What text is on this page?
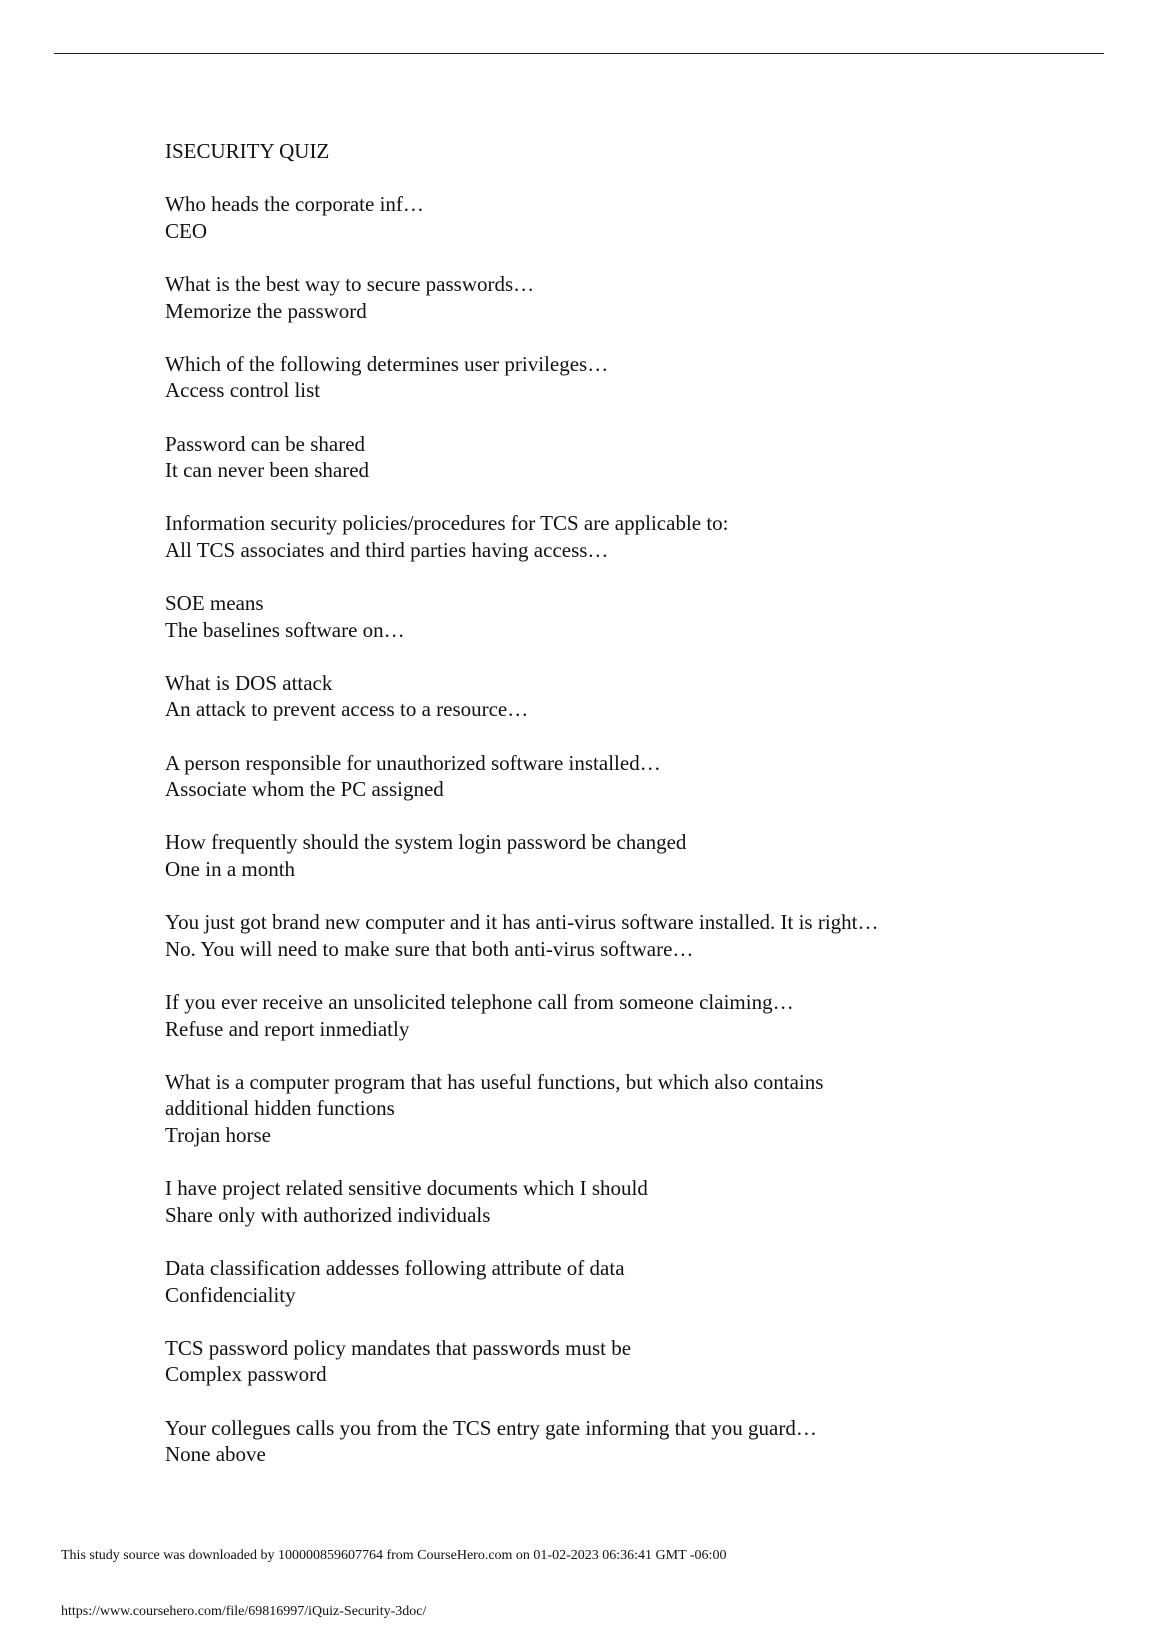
ISECURITY QUIZ
Who heads the corporate inf…
CEO
What is the best way to secure passwords…
Memorize the password
Which of the following determines user privileges…
Access control list
Password can be shared
It can never been shared
Information security policies/procedures for TCS are applicable to:
All TCS associates and third parties having access…
SOE means
The baselines software on…
What is DOS attack
An attack to prevent access to a resource…
A person responsible for unauthorized software installed…
Associate whom the PC assigned
How frequently should the system login password be changed
One in a month
You just got brand new computer and it has anti-virus software installed. It is right…
No. You will need to make sure that both anti-virus software…
If you ever receive an unsolicited telephone call from someone claiming…
Refuse and report inmediatly
What is a computer program that has useful functions, but which also contains
additional hidden functions
Trojan horse
I have project related sensitive documents which I should
Share only with authorized individuals
Data classification addesses following attribute of data
Confidenciality
TCS password policy mandates that passwords must be
Complex password
Your collegues calls you from the TCS entry gate informing that you guard…
None above
This study source was downloaded by 100000859607764 from CourseHero.com on 01-02-2023 06:36:41 GMT -06:00
https://www.coursehero.com/file/69816997/iQuiz-Security-3doc/
